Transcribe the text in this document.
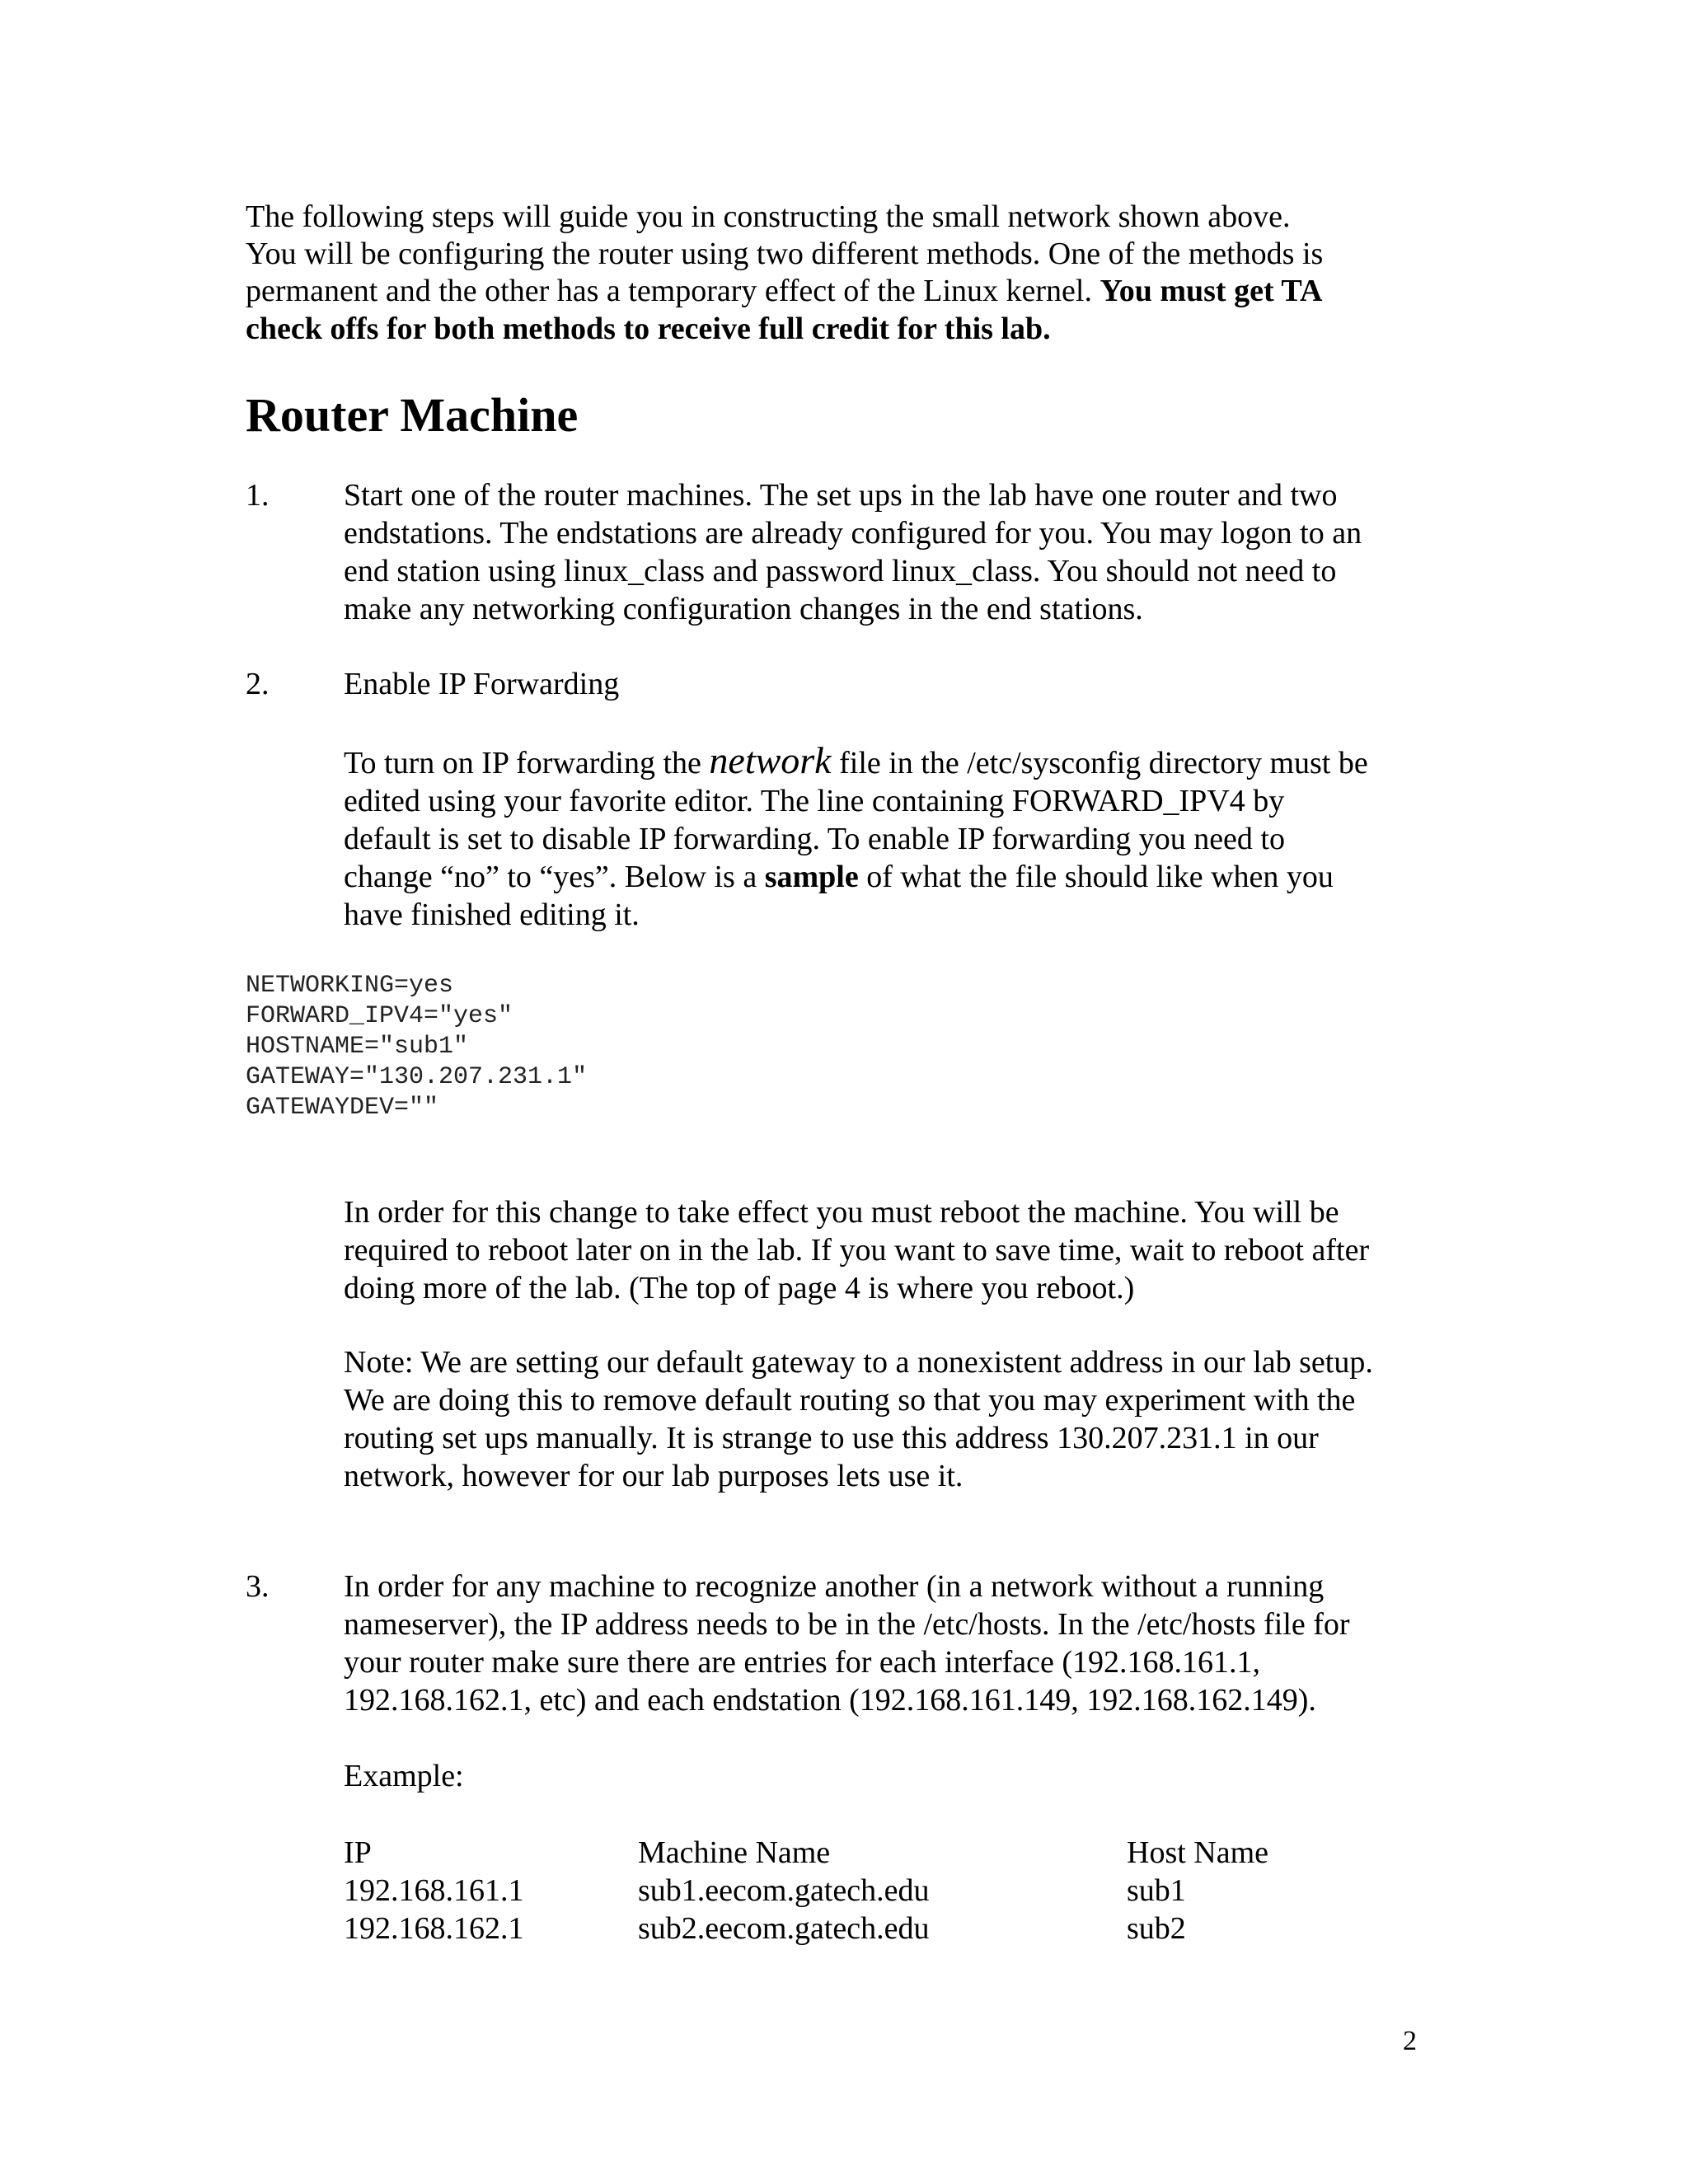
The following steps will guide you in constructing the small network shown above.
You will be configuring the router using two different methods. One of the methods is
permanent and the other has a temporary effect of the Linux kernel. You must get TA
check offs for both methods to receive full credit for this lab.
Router Machine
1. Start one of the router machines. The set ups in the lab have one router and two
endstations. The endstations are already configured for you. You may logon to an
end station using linux_class and password linux_class. You should not need to
make any networking configuration changes in the end stations.
2. Enable IP Forwarding
To turn on IP forwarding the network file in the /etc/sysconfig directory must be
edited using your favorite editor. The line containing FORWARD_IPV4 by
default is set to disable IP forwarding. To enable IP forwarding you need to
change “no” to “yes”. Below is a sample of what the file should like when you
have finished editing it.
NETWORKING=yes
FORWARD_IPV4="yes"
HOSTNAME="sub1"
GATEWAY="130.207.231.1"
GATEWAYDEV=""
In order for this change to take effect you must reboot the machine. You will be
required to reboot later on in the lab. If you want to save time, wait to reboot after
doing more of the lab. (The top of page 4 is where you reboot.)
Note: We are setting our default gateway to a nonexistent address in our lab setup.
We are doing this to remove default routing so that you may experiment with the
routing set ups manually. It is strange to use this address 130.207.231.1 in our
network, however for our lab purposes lets use it.
3. In order for any machine to recognize another (in a network without a running
nameserver), the IP address needs to be in the /etc/hosts. In the /etc/hosts file for
your router make sure there are entries for each interface (192.168.161.1,
192.168.162.1, etc) and each endstation (192.168.161.149, 192.168.162.149).
Example:
IP	Machine Name	Host Name
192.168.161.1	sub1.eecom.gatech.edu	sub1
192.168.162.1	sub2.eecom.gatech.edu	sub2
2
